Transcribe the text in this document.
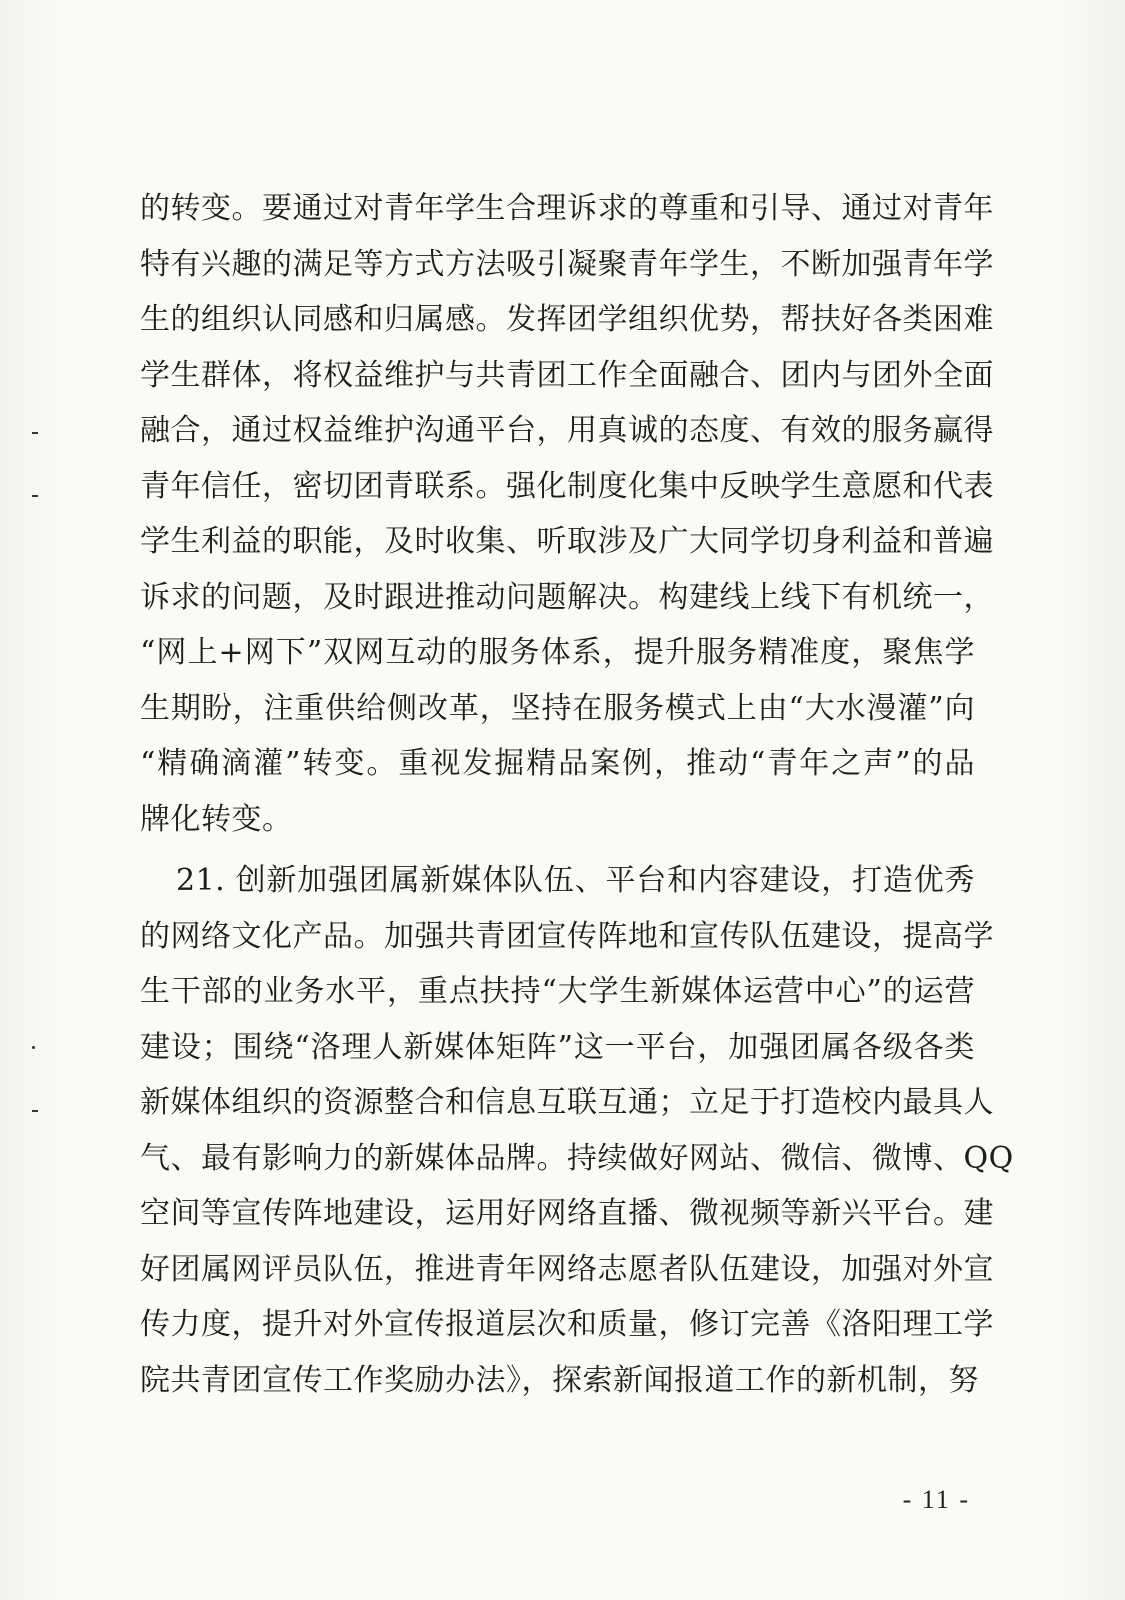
的转变。要通过对青年学生合理诉求的尊重和引导、通过对青年
特有兴趣的满足等方式方法吸引凝聚青年学生，不断加强青年学
生的组织认同感和归属感。发挥团学组织优势，帮扶好各类困难
学生群体，将权益维护与共青团工作全面融合、团内与团外全面
融合，通过权益维护沟通平台，用真诚的态度、有效的服务赢得
青年信任，密切团青联系。强化制度化集中反映学生意愿和代表
学生利益的职能，及时收集、听取涉及广大同学切身利益和普遍
诉求的问题，及时跟进推动问题解决。构建线上线下有机统一，
“网上+网下”双网互动的服务体系，提升服务精准度，聚焦学
生期盼，注重供给侧改革，坚持在服务模式上由“大水漫灌”向
“精确滴灌”转变。重视发掘精品案例，推动“青年之声”的品
牌化转变。
21. 创新加强团属新媒体队伍、平台和内容建设，打造优秀
的网络文化产品。加强共青团宣传阵地和宣传队伍建设，提高学
生干部的业务水平，重点扶持“大学生新媒体运营中心”的运营
建设；围绕“洛理人新媒体矩阵”这一平台，加强团属各级各类
新媒体组织的资源整合和信息互联互通；立足于打造校内最具人
气、最有影响力的新媒体品牌。持续做好网站、微信、微博、QQ
空间等宣传阵地建设，运用好网络直播、微视频等新兴平台。建
好团属网评员队伍，推进青年网络志愿者队伍建设，加强对外宣
传力度，提升对外宣传报道层次和质量，修订完善《洛阳理工学
院共青团宣传工作奖励办法》，探索新闻报道工作的新机制，努
- 11 -
